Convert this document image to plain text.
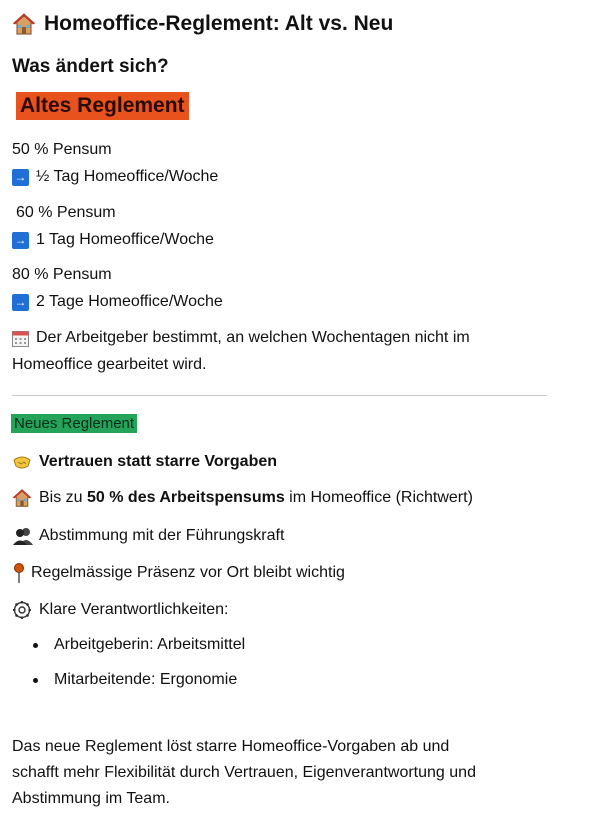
Homeoffice-Reglement: Alt vs. Neu
Was ändert sich?
Altes Reglement
50 % Pensum
→ ½ Tag Homeoffice/Woche
60 % Pensum
→ 1 Tag Homeoffice/Woche
80 % Pensum
→ 2 Tage Homeoffice/Woche
Der Arbeitgeber bestimmt, an welchen Wochentagen nicht im
Homeoffice gearbeitet wird.
Neues Reglement
Vertrauen statt starre Vorgaben
Bis zu 50 % des Arbeitspensums im Homeoffice (Richtwert)
Abstimmung mit der Führungskraft
Regelmässige Präsenz vor Ort bleibt wichtig
Klare Verantwortlichkeiten:
Arbeitgeberin: Arbeitsmittel
Mitarbeitende: Ergonomie
Das neue Reglement löst starre Homeoffice-Vorgaben ab und
schafft mehr Flexibilität durch Vertrauen, Eigenverantwortung und
Abstimmung im Team.
